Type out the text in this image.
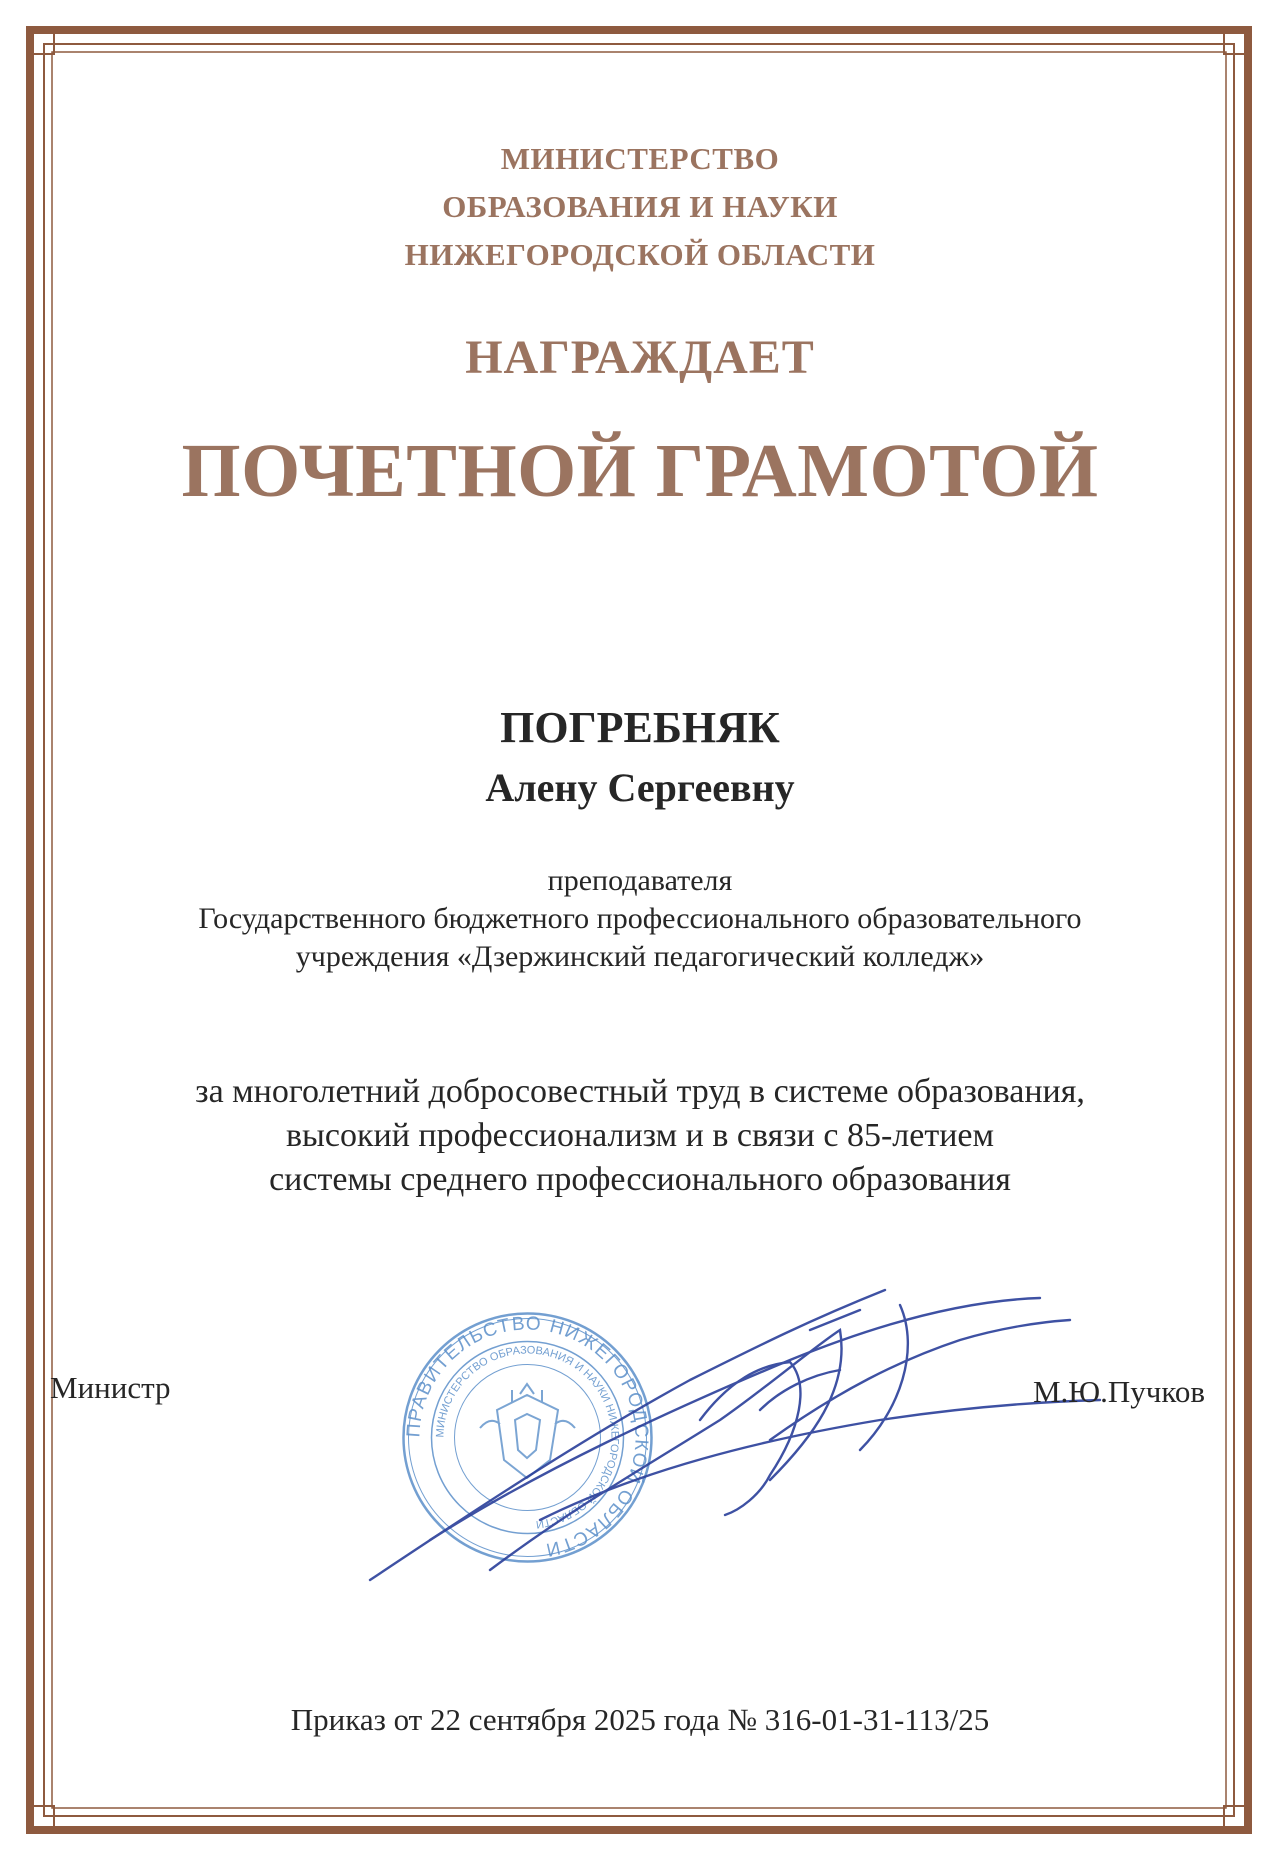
МИНИСТЕРСТВО
ОБРАЗОВАНИЯ И НАУКИ
НИЖЕГОРОДСКОЙ ОБЛАСТИ
НАГРАЖДАЕТ
ПОЧЕТНОЙ ГРАМОТОЙ
ПОГРЕБНЯК
Алену Сергеевну
преподавателя
Государственного бюджетного профессионального образовательного
учреждения «Дзержинский педагогический колледж»
за многолетний добросовестный труд в системе образования,
высокий профессионализм и в связи с 85-летием
системы среднего профессионального образования
ПРАВИТЕЛЬСТВО НИЖЕГОРОДСКОЙ ОБЛАСТИ
МИНИСТЕРСТВО ОБРАЗОВАНИЯ И НАУКИ НИЖЕГОРОДСКОЙ ОБЛАСТИ
Министр	М.Ю.Пучков
Приказ от 22 сентября 2025 года № 316-01-31-113/25
